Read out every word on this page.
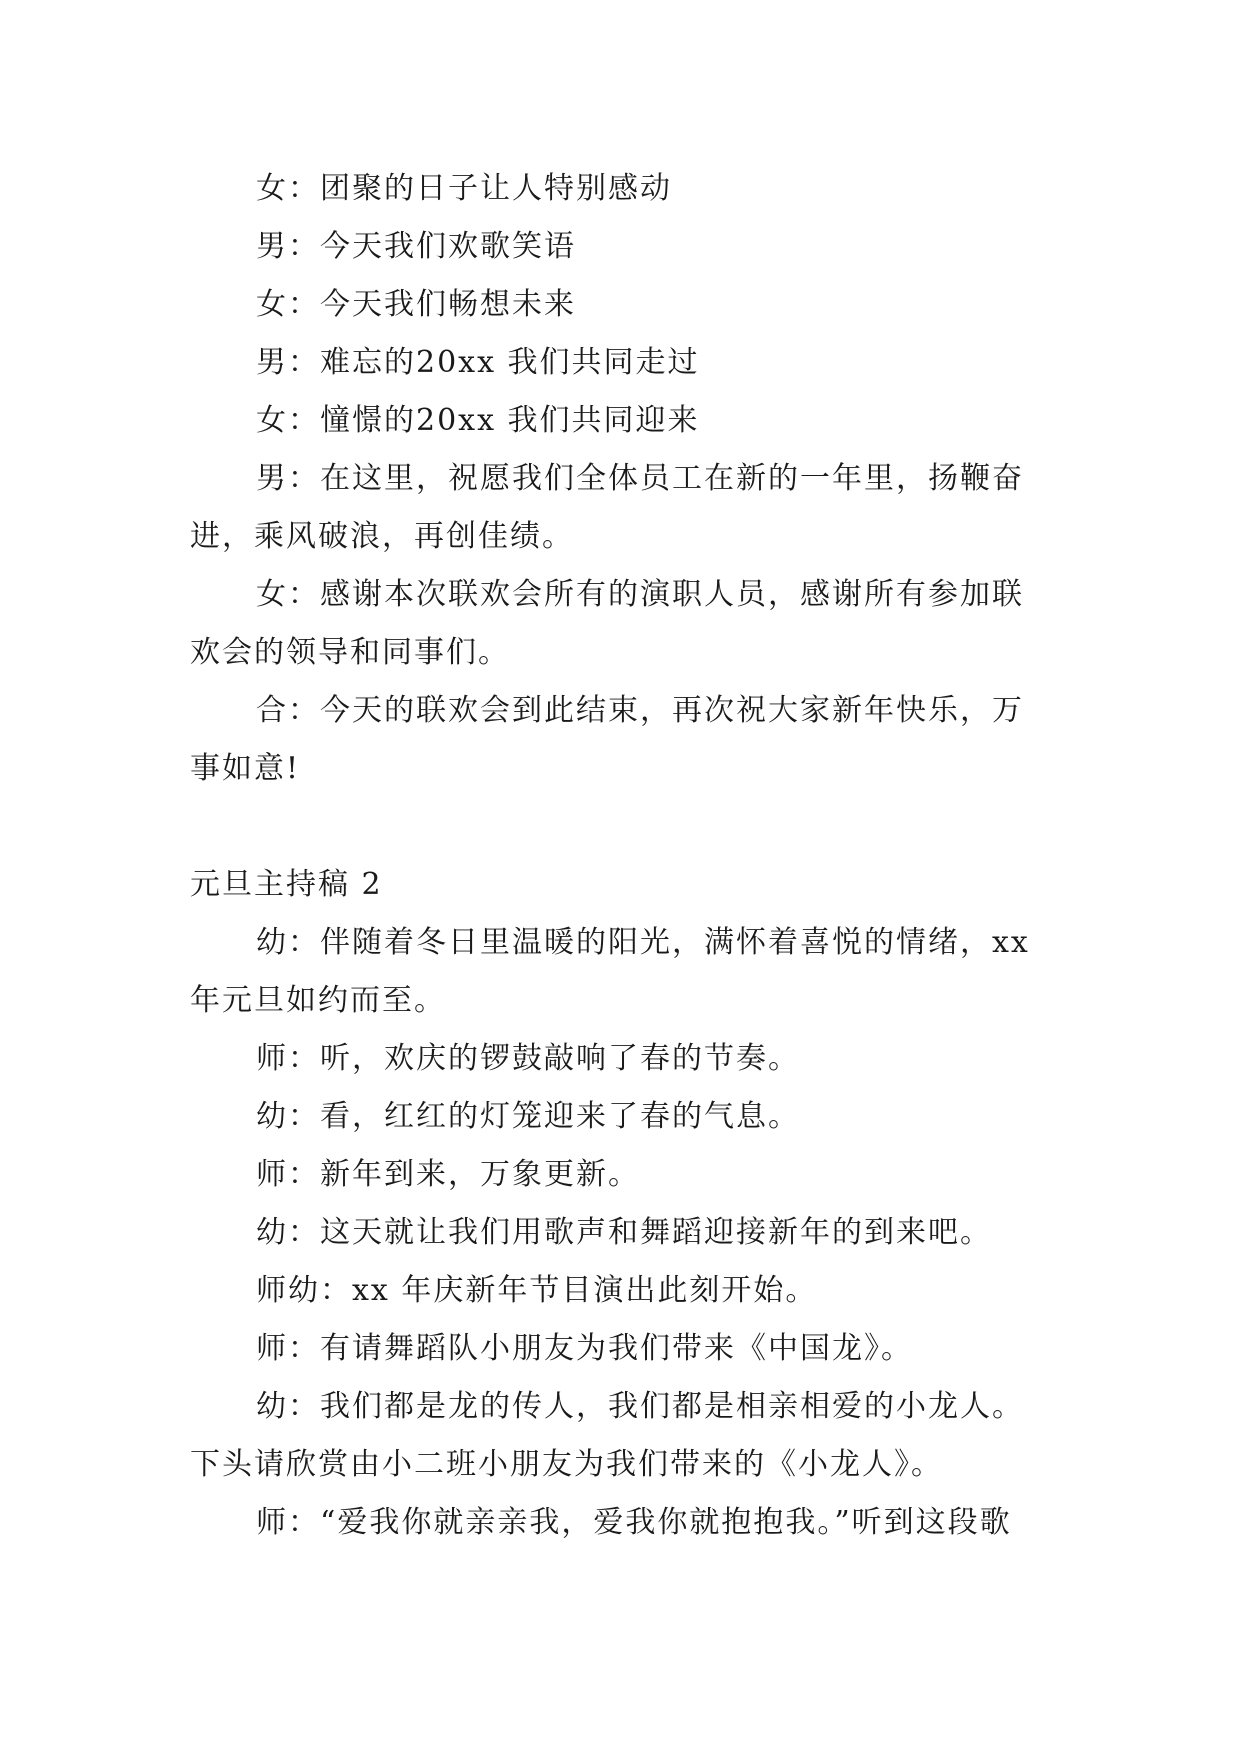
女：团聚的日子让人特别感动
男：今天我们欢歌笑语
女：今天我们畅想未来
男：难忘的20xx 我们共同走过
女：憧憬的20xx 我们共同迎来
男：在这里，祝愿我们全体员工在新的一年里，扬鞭奋
进，乘风破浪，再创佳绩。
女：感谢本次联欢会所有的演职人员，感谢所有参加联
欢会的领导和同事们。
合：今天的联欢会到此结束，再次祝大家新年快乐，万
事如意!
元旦主持稿 2
幼：伴随着冬日里温暖的阳光，满怀着喜悦的情绪，xx
年元旦如约而至。
师：听，欢庆的锣鼓敲响了春的节奏。
幼：看，红红的灯笼迎来了春的气息。
师：新年到来，万象更新。
幼：这天就让我们用歌声和舞蹈迎接新年的到来吧。
师幼：xx 年庆新年节目演出此刻开始。
师：有请舞蹈队小朋友为我们带来《中国龙》。
幼：我们都是龙的传人，我们都是相亲相爱的小龙人。
下头请欣赏由小二班小朋友为我们带来的《小龙人》。
师：“爱我你就亲亲我，爱我你就抱抱我。”听到这段歌
